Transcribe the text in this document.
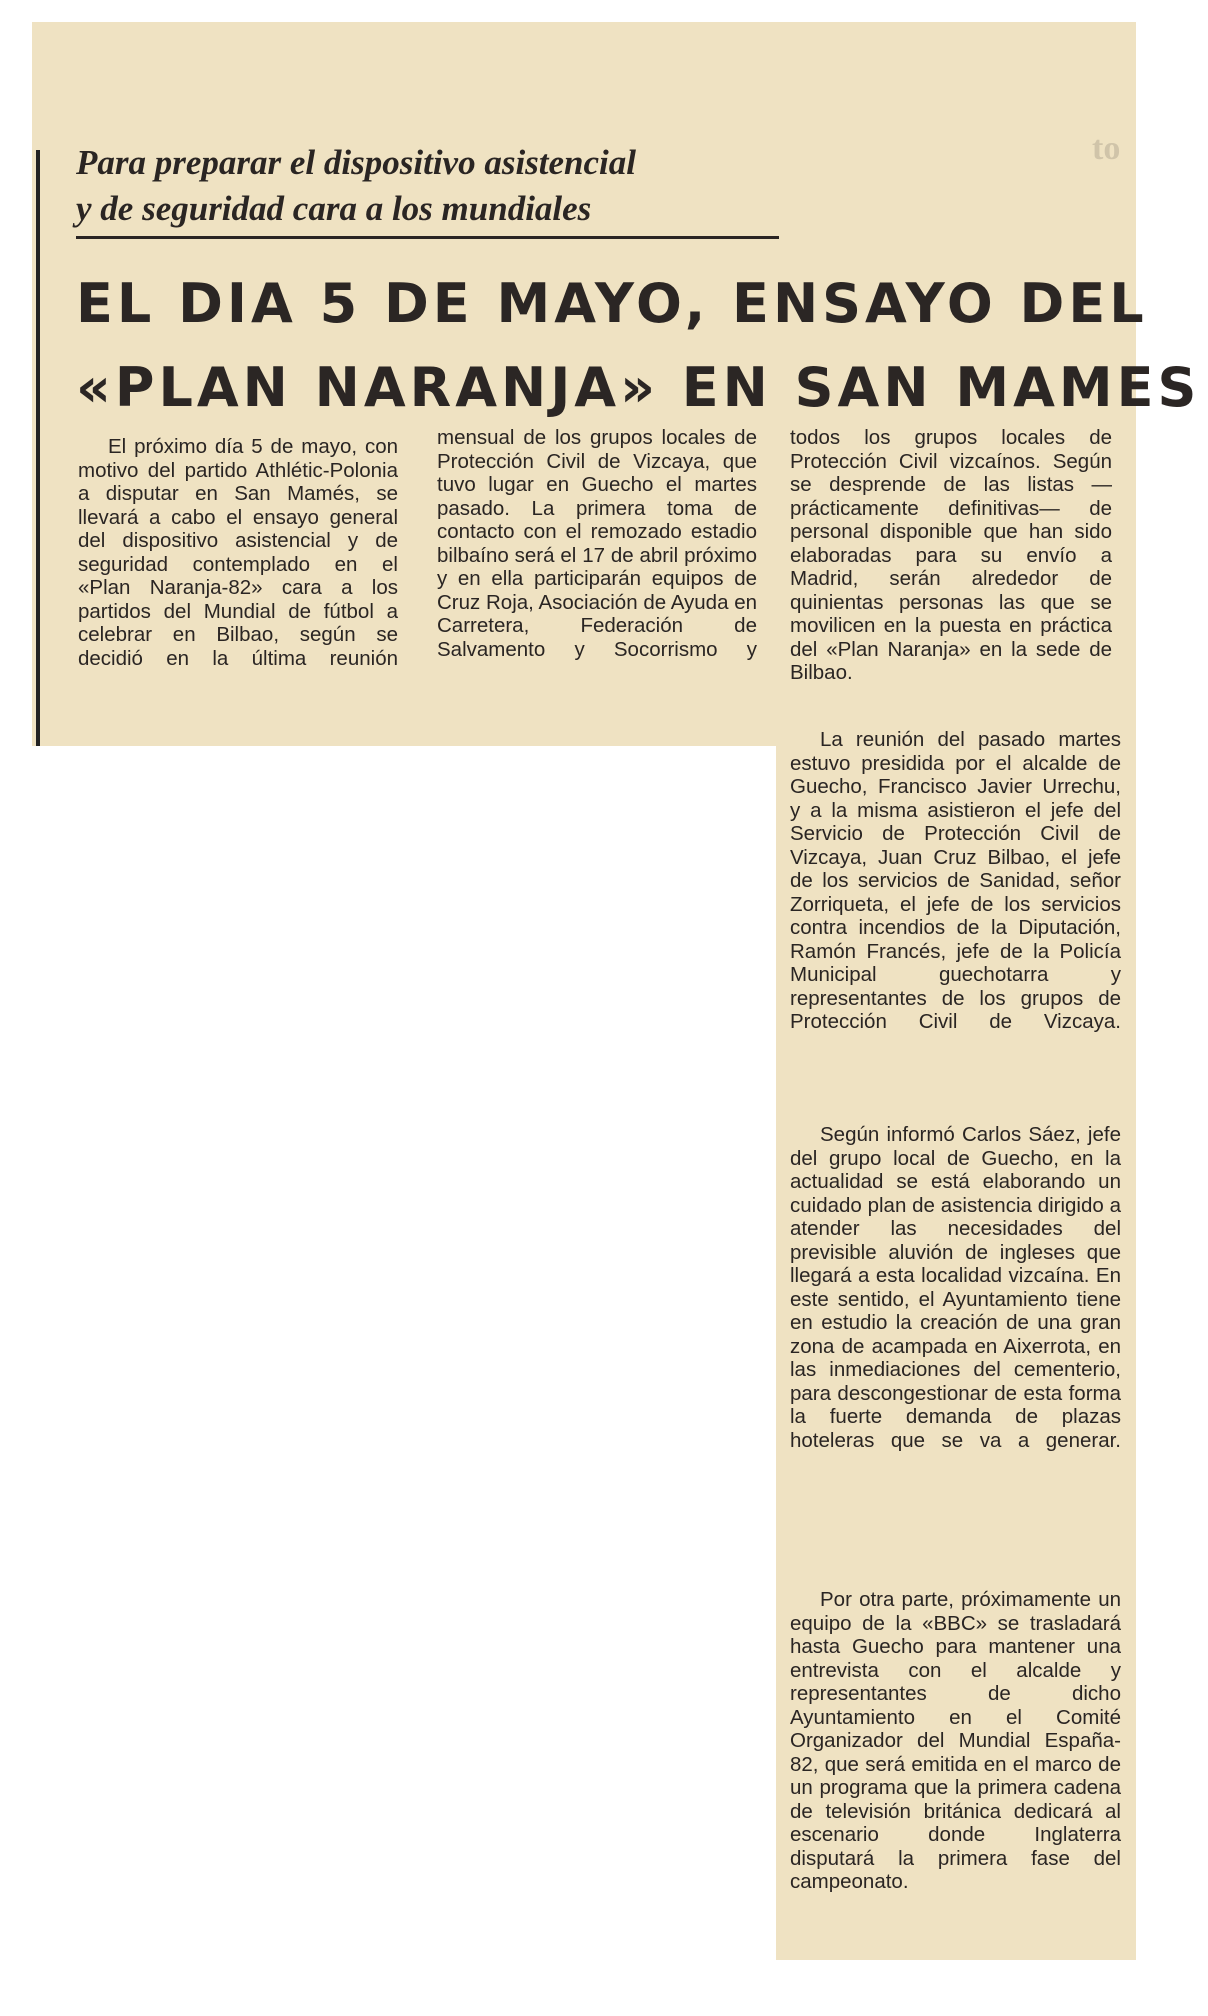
to
Para preparar el dispositivo asistencial
y de seguridad cara a los mundiales
EL DIA 5 DE MAYO, ENSAYO DEL
«PLAN NARANJA» EN SAN MAMES

El próximo día 5 de mayo, con motivo del partido Athlétic-Polonia a disputar en San Mamés, se llevará a cabo el ensayo general del dispositivo asistencial y de seguridad contemplado en el «Plan Naranja-82» cara a los partidos del Mundial de fútbol a celebrar en Bilbao, según se decidió en la última reunión

mensual de los grupos locales de Protección Civil de Vizcaya, que tuvo lugar en Guecho el martes pasado. La primera toma de contacto con el remozado estadio bilbaíno será el 17 de abril próximo y en ella participarán equipos de Cruz Roja, Asociación de Ayuda en Carretera, Federación de Salvamento y Socorrismo y

todos los grupos locales de Protección Civil vizcaínos. Según se desprende de las listas —prácticamente definitivas— de personal disponible que han sido elaboradas para su envío a Madrid, serán alrededor de quinientas personas las que se movilicen en la puesta en práctica del «Plan Naranja» en la sede de Bilbao.

La reunión del pasado martes estuvo presidida por el alcalde de Guecho, Francisco Javier Urrechu, y a la misma asistieron el jefe del Servicio de Protección Civil de Vizcaya, Juan Cruz Bilbao, el jefe de los servicios de Sanidad, señor Zorriqueta, el jefe de los servicios contra incendios de la Diputación, Ramón Francés, jefe de la Policía Municipal guechotarra y representantes de los grupos de Protección Civil de Vizcaya.

Según informó Carlos Sáez, jefe del grupo local de Guecho, en la actualidad se está elaborando un cuidado plan de asistencia dirigido a atender las necesidades del previsible aluvión de ingleses que llegará a esta localidad vizcaína. En este sentido, el Ayuntamiento tiene en estudio la creación de una gran zona de acampada en Aixerrota, en las inmediaciones del cementerio, para descongestionar de esta forma la fuerte demanda de plazas hoteleras que se va a generar.

Por otra parte, próximamente un equipo de la «BBC» se trasladará hasta Guecho para mantener una entrevista con el alcalde y representantes de dicho Ayuntamiento en el Comité Organizador del Mundial España-82, que será emitida en el marco de un programa que la primera cadena de televisión británica dedicará al escenario donde Inglaterra disputará la primera fase del campeonato.
